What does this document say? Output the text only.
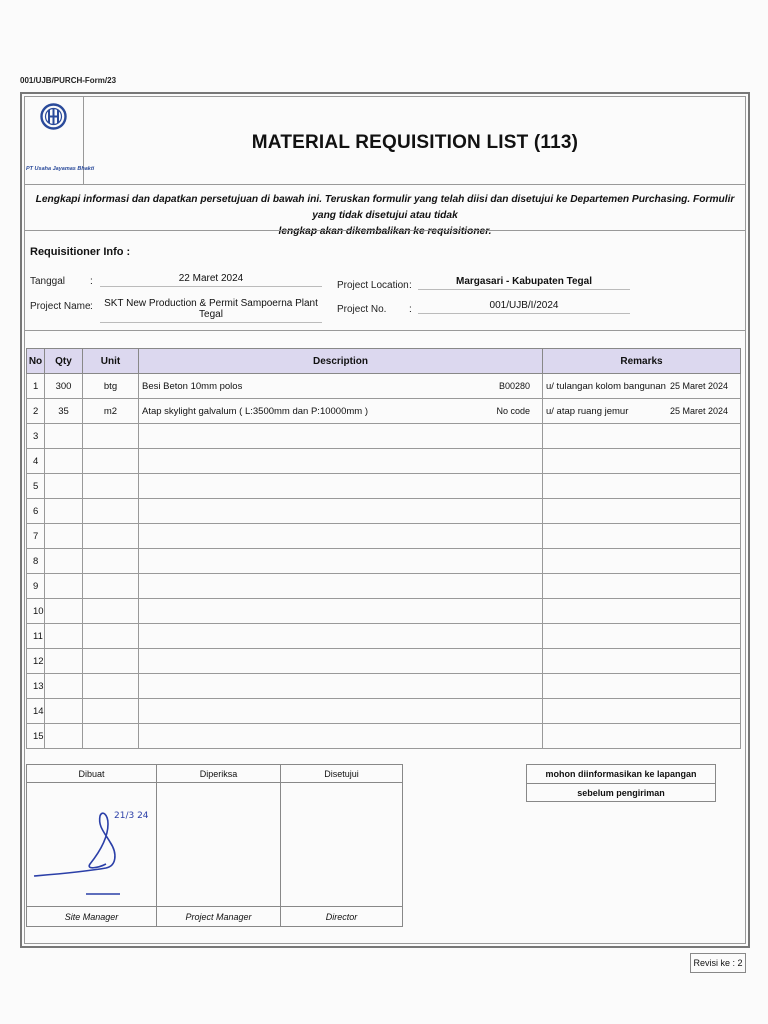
001/UJB/PURCH-Form/23
PT Usaha Jayamas Bhakti
MATERIAL REQUISITION LIST (113)
Lengkapi informasi dan dapatkan persetujuan di bawah ini. Teruskan formulir yang telah diisi dan disetujui ke Departemen Purchasing. Formulir yang tidak disetujui atau tidak
lengkap akan dikembalikan ke requisitioner.
Requisitioner Info :
Tanggal :	22 Maret 2024
Project Name :	SKT New Production & Permit Sampoerna Plant Tegal
Project Location :	Margasari - Kabupaten Tegal
Project No. :	001/UJB/I/2024
No	Qty	Unit	Description	Remarks
1	300	btg	Besi Beton 10mm polos B00280	u/ tulangan kolom bangunan 25 Maret 2024

2	35	m2	Atap skylight galvalum ( L:3500mm dan P:10000mm ) No code	u/ atap ruang jemur 25 Maret 2024

3			

4			

5			

6			

7			

8			

9			

10			

11			

12			

13			

14			

15			

Dibuat	Diperiksa	Disetujui

21/3 24		

Site Manager	Project Manager	Director
mohon diinformasikan ke lapangan
sebelum pengiriman
Revisi ke : 2
